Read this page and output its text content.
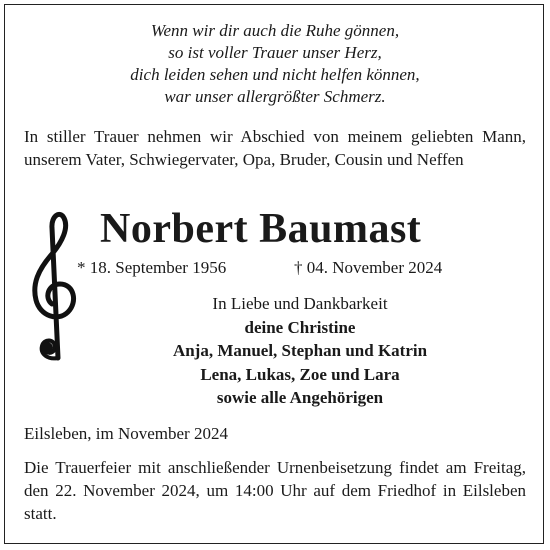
Wenn wir dir auch die Ruhe gönnen,
so ist voller Trauer unser Herz,
dich leiden sehen und nicht helfen können,
war unser allergrößter Schmerz.
In stiller Trauer nehmen wir Abschied von meinem geliebten Mann, unserem Vater, Schwiegervater, Opa, Bruder, Cousin und Neffen
Norbert Baumast
* 18. September 1956	† 04. November 2024
In Liebe und Dankbarkeit
deine Christine
Anja, Manuel, Stephan und Katrin
Lena, Lukas, Zoe und Lara
sowie alle Angehörigen
Eilsleben, im November 2024
Die Trauerfeier mit anschließender Urnenbeisetzung findet am Freitag, den 22. November 2024, um 14:00 Uhr auf dem Friedhof in Eilsleben statt.
